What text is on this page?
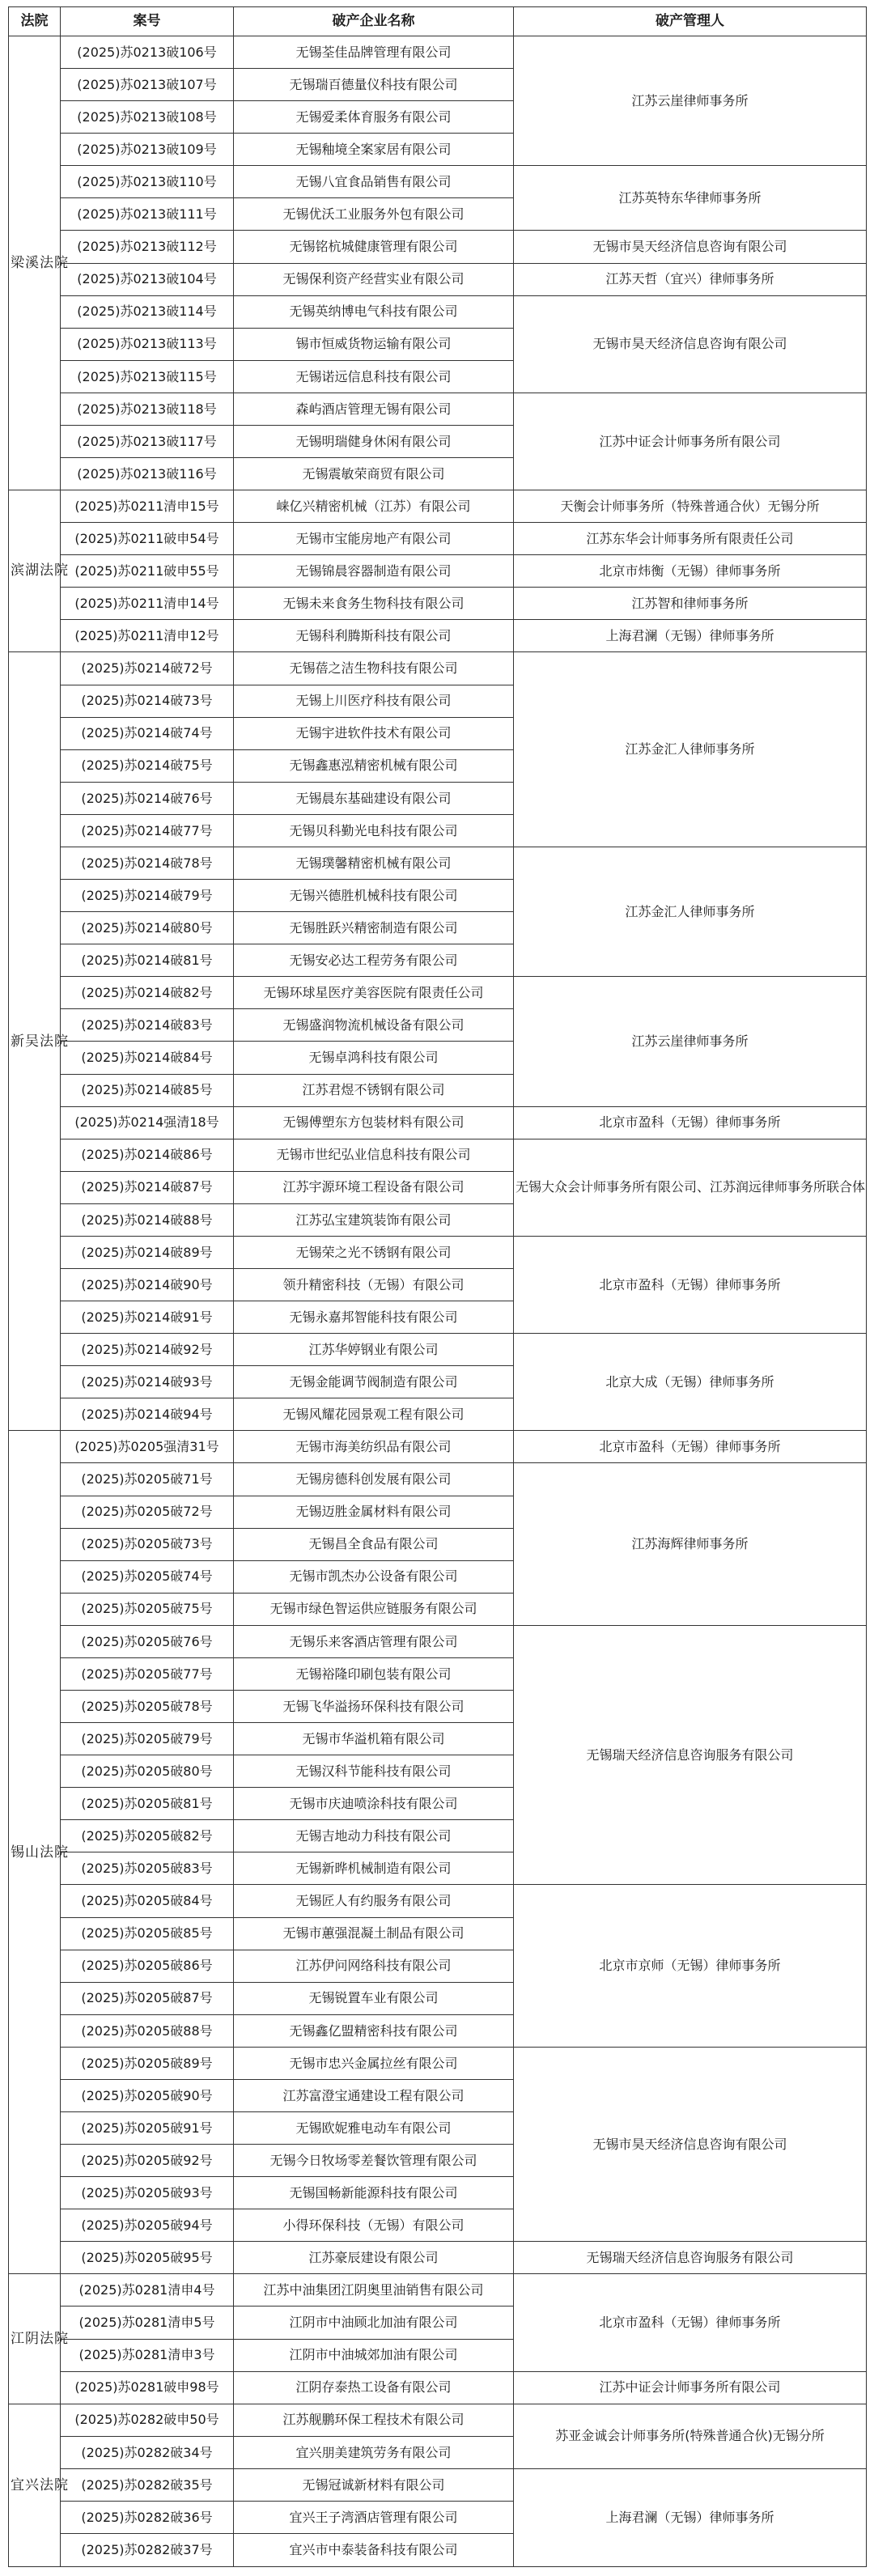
法院	案号	破产企业名称	破产管理人
梁溪法院	(2025)苏0213破106号	无锡荃佳品牌管理有限公司	江苏云崖律师事务所
	(2025)苏0213破107号	无锡瑞百德量仪科技有限公司	
	(2025)苏0213破108号	无锡爱柔体育服务有限公司	
	(2025)苏0213破109号	无锡釉境全案家居有限公司	
	(2025)苏0213破110号	无锡八宜食品销售有限公司	江苏英特东华律师事务所
	(2025)苏0213破111号	无锡优沃工业服务外包有限公司	
	(2025)苏0213破112号	无锡铭杭城健康管理有限公司	无锡市昊天经济信息咨询有限公司
	(2025)苏0213破104号	无锡保利资产经营实业有限公司	江苏天哲（宜兴）律师事务所
	(2025)苏0213破114号	无锡英纳博电气科技有限公司	无锡市昊天经济信息咨询有限公司
	(2025)苏0213破113号	锡市恒威货物运输有限公司	
	(2025)苏0213破115号	无锡诺远信息科技有限公司	
	(2025)苏0213破118号	森屿酒店管理无锡有限公司	江苏中证会计师事务所有限公司
	(2025)苏0213破117号	无锡明瑞健身休闲有限公司	
	(2025)苏0213破116号	无锡震敏荣商贸有限公司	
滨湖法院	(2025)苏0211清申15号	崃亿兴精密机械（江苏）有限公司	天衡会计师事务所（特殊普通合伙）无锡分所
	(2025)苏0211破申54号	无锡市宝能房地产有限公司	江苏东华会计师事务所有限责任公司
	(2025)苏0211破申55号	无锡锦晨容器制造有限公司	北京市炜衡（无锡）律师事务所
	(2025)苏0211清申14号	无锡未来食务生物科技有限公司	江苏智和律师事务所
	(2025)苏0211清申12号	无锡科利腾斯科技有限公司	上海君澜（无锡）律师事务所
新吴法院	(2025)苏0214破72号	无锡蓓之洁生物科技有限公司	江苏金汇人律师事务所
	(2025)苏0214破73号	无锡上川医疗科技有限公司	
	(2025)苏0214破74号	无锡宇进软件技术有限公司	
	(2025)苏0214破75号	无锡鑫惠泓精密机械有限公司	
	(2025)苏0214破76号	无锡晨东基础建设有限公司	
	(2025)苏0214破77号	无锡贝科勤光电科技有限公司	
	(2025)苏0214破78号	无锡璞馨精密机械有限公司	江苏金汇人律师事务所
	(2025)苏0214破79号	无锡兴德胜机械科技有限公司	
	(2025)苏0214破80号	无锡胜跃兴精密制造有限公司	
	(2025)苏0214破81号	无锡安必达工程劳务有限公司	
	(2025)苏0214破82号	无锡环球星医疗美容医院有限责任公司	江苏云崖律师事务所
	(2025)苏0214破83号	无锡盛润物流机械设备有限公司	
	(2025)苏0214破84号	无锡卓鸿科技有限公司	
	(2025)苏0214破85号	江苏君煜不锈钢有限公司	
	(2025)苏0214强清18号	无锡傅塑东方包装材料有限公司	北京市盈科（无锡）律师事务所
	(2025)苏0214破86号	无锡市世纪弘业信息科技有限公司	无锡大众会计师事务所有限公司、江苏润远律师事务所联合体
	(2025)苏0214破87号	江苏宇源环境工程设备有限公司	
	(2025)苏0214破88号	江苏弘宝建筑装饰有限公司	
	(2025)苏0214破89号	无锡荣之光不锈钢有限公司	北京市盈科（无锡）律师事务所
	(2025)苏0214破90号	领升精密科技（无锡）有限公司	
	(2025)苏0214破91号	无锡永嘉邦智能科技有限公司	
	(2025)苏0214破92号	江苏华婷钢业有限公司	北京大成（无锡）律师事务所
	(2025)苏0214破93号	无锡金能调节阀制造有限公司	
	(2025)苏0214破94号	无锡风耀花园景观工程有限公司	
锡山法院	(2025)苏0205强清31号	无锡市海美纺织品有限公司	北京市盈科（无锡）律师事务所
	(2025)苏0205破71号	无锡房德科创发展有限公司	江苏海辉律师事务所
	(2025)苏0205破72号	无锡迈胜金属材料有限公司	
	(2025)苏0205破73号	无锡昌全食品有限公司	
	(2025)苏0205破74号	无锡市凯杰办公设备有限公司	
	(2025)苏0205破75号	无锡市绿色智运供应链服务有限公司	
	(2025)苏0205破76号	无锡乐来客酒店管理有限公司	无锡瑞天经济信息咨询服务有限公司
	(2025)苏0205破77号	无锡裕隆印刷包装有限公司	
	(2025)苏0205破78号	无锡飞华溢扬环保科技有限公司	
	(2025)苏0205破79号	无锡市华溢机箱有限公司	
	(2025)苏0205破80号	无锡汉科节能科技有限公司	
	(2025)苏0205破81号	无锡市庆迪喷涂科技有限公司	
	(2025)苏0205破82号	无锡吉地动力科技有限公司	
	(2025)苏0205破83号	无锡新晔机械制造有限公司	
	(2025)苏0205破84号	无锡匠人有约服务有限公司	北京市京师（无锡）律师事务所
	(2025)苏0205破85号	无锡市蕙强混凝土制品有限公司	
	(2025)苏0205破86号	江苏伊问网络科技有限公司	
	(2025)苏0205破87号	无锡锐置车业有限公司	
	(2025)苏0205破88号	无锡鑫亿盟精密科技有限公司	
	(2025)苏0205破89号	无锡市忠兴金属拉丝有限公司	无锡市昊天经济信息咨询有限公司
	(2025)苏0205破90号	江苏富澄宝通建设工程有限公司	
	(2025)苏0205破91号	无锡欧妮雅电动车有限公司	
	(2025)苏0205破92号	无锡今日牧场零差餐饮管理有限公司	
	(2025)苏0205破93号	无锡国畅新能源科技有限公司	
	(2025)苏0205破94号	小得环保科技（无锡）有限公司	
	(2025)苏0205破95号	江苏豪辰建设有限公司	无锡瑞天经济信息咨询服务有限公司
江阴法院	(2025)苏0281清申4号	江苏中油集团江阴奥里油销售有限公司	北京市盈科（无锡）律师事务所
	(2025)苏0281清申5号	江阴市中油顾北加油有限公司	
	(2025)苏0281清申3号	江阴市中油城郊加油有限公司	
	(2025)苏0281破申98号	江阴存泰热工设备有限公司	江苏中证会计师事务所有限公司
宜兴法院	(2025)苏0282破申50号	江苏舰鹏环保工程技术有限公司	苏亚金诚会计师事务所(特殊普通合伙)无锡分所
	(2025)苏0282破34号	宜兴朋美建筑劳务有限公司	
	(2025)苏0282破35号	无锡冠诚新材料有限公司	上海君澜（无锡）律师事务所
	(2025)苏0282破36号	宜兴王子湾酒店管理有限公司	
	(2025)苏0282破37号	宜兴市中泰装备科技有限公司	
